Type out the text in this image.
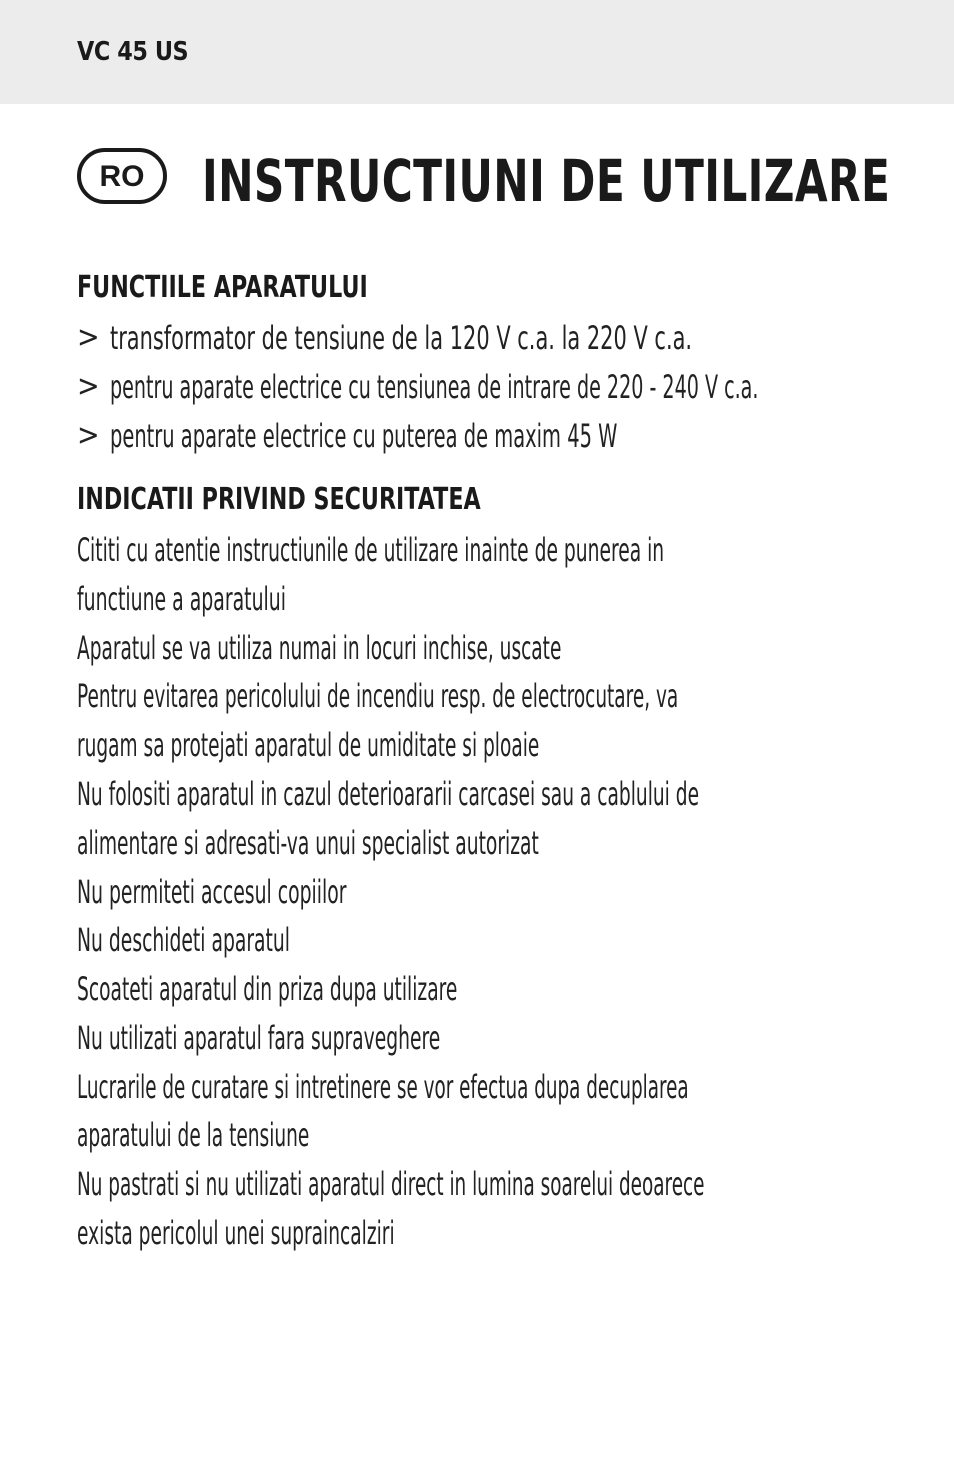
VC 45 US
RO INSTRUCTIUNI DE UTILIZARE
FUNCTIILE APARATULUI
> transformator de tensiune de la 120 V c.a. la 220 V c.a.
> pentru aparate electrice cu tensiunea de intrare de 220 - 240 V c.a.
> pentru aparate electrice cu puterea de maxim 45 W
INDICATII PRIVIND SECURITATEA
Cititi cu atentie instructiunile de utilizare inainte de punerea in
functiune a aparatului
Aparatul se va utiliza numai in locuri inchise, uscate
Pentru evitarea pericolului de incendiu resp. de electrocutare, va
rugam sa protejati aparatul de umiditate si ploaie
Nu folositi aparatul in cazul deterioararii carcasei sau a cablului de
alimentare si adresati-va unui specialist autorizat
Nu permiteti accesul copiilor
Nu deschideti aparatul
Scoateti aparatul din priza dupa utilizare
Nu utilizati aparatul fara supraveghere
Lucrarile de curatare si intretinere se vor efectua dupa decuplarea
aparatului de la tensiune
Nu pastrati si nu utilizati aparatul direct in lumina soarelui deoarece
exista pericolul unei supraincalziri
